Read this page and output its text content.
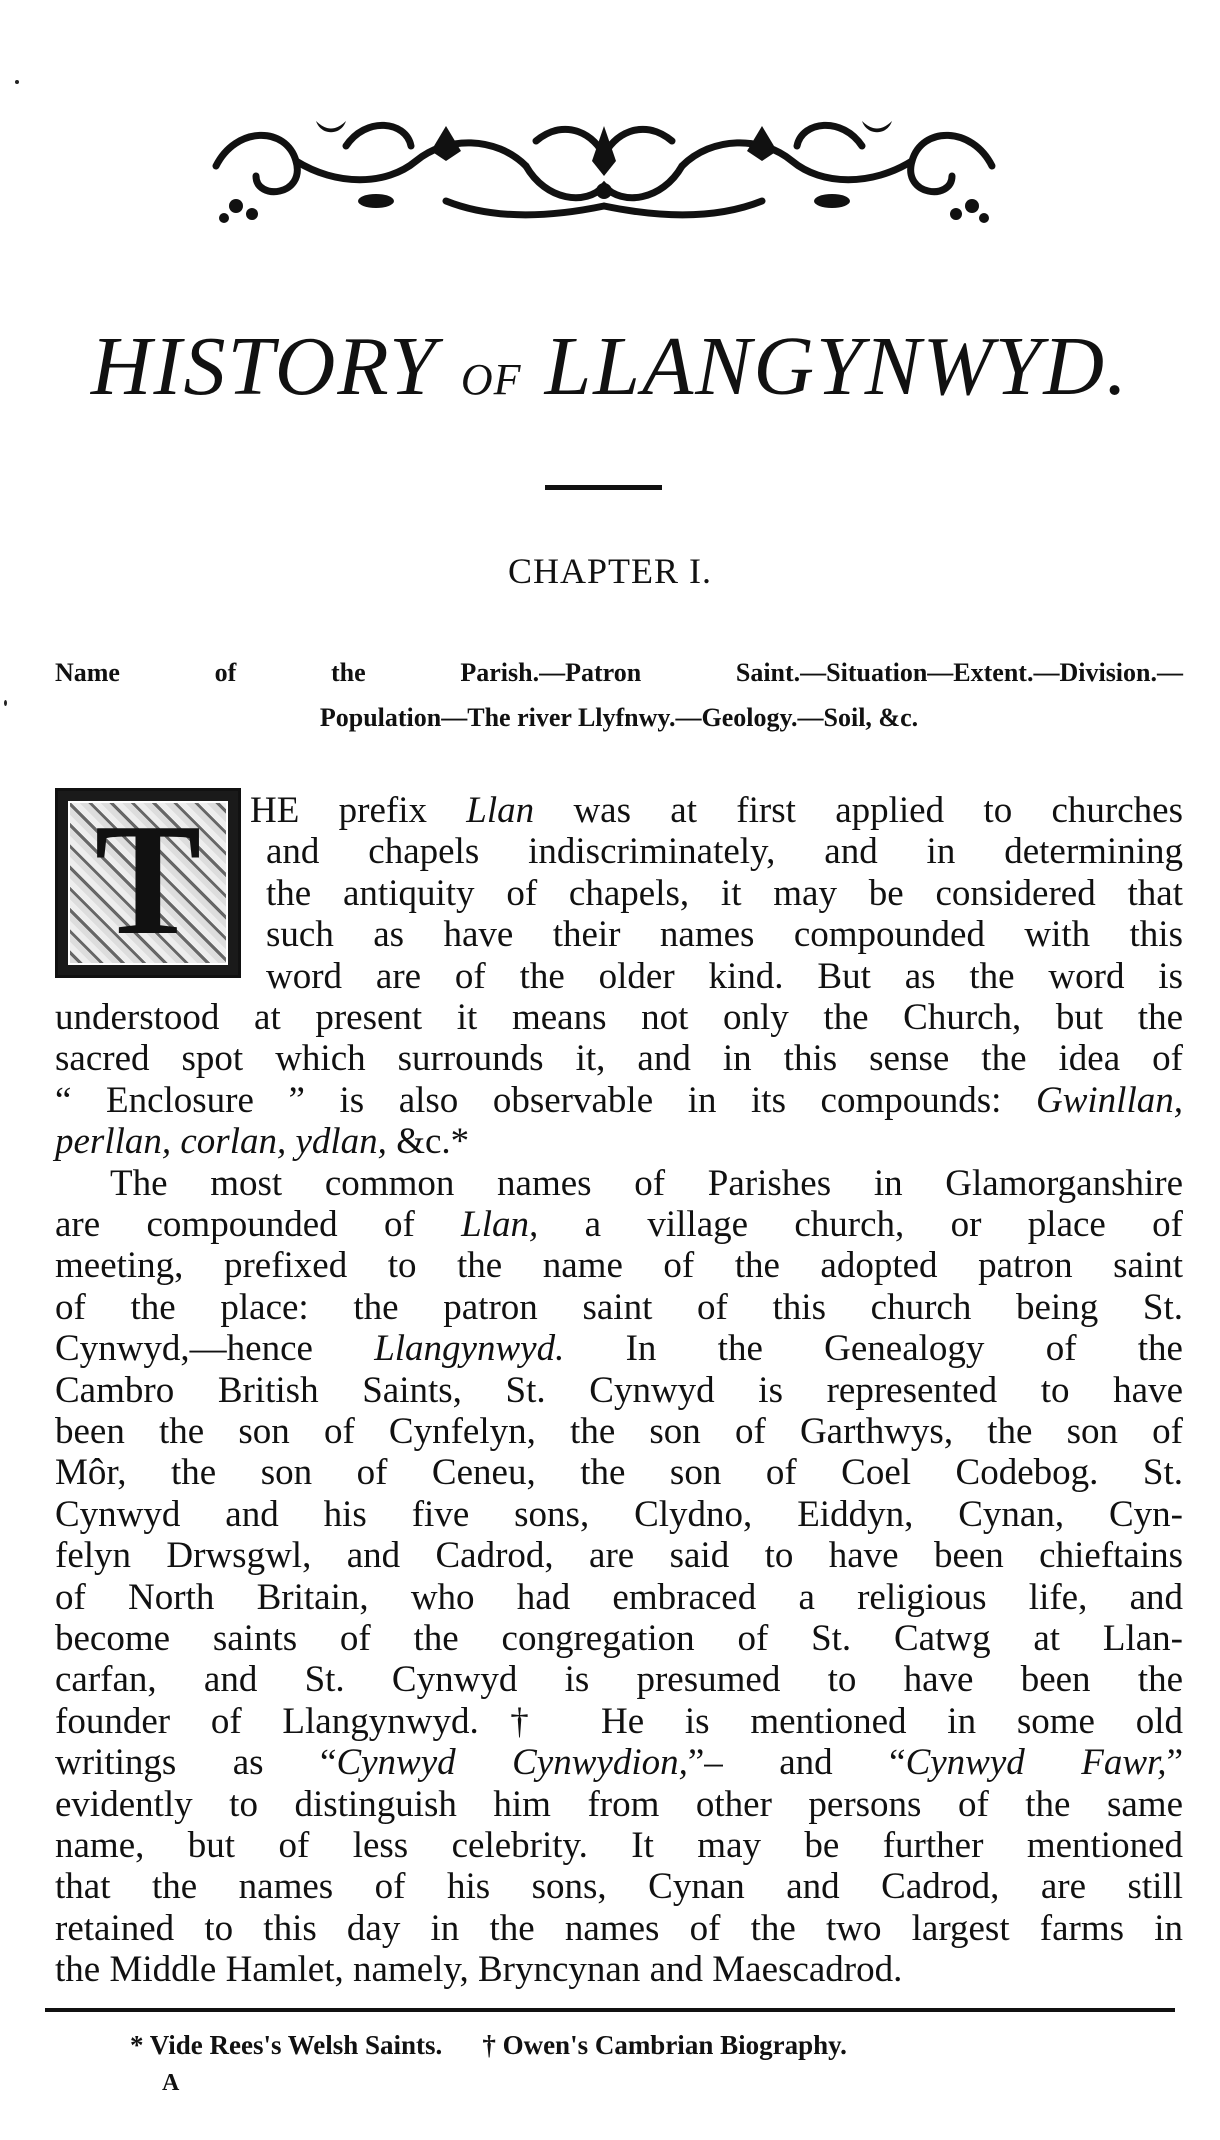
HISTORY OF LLANGYNWYD.
CHAPTER I.
Name of the Parish.—Patron Saint.—Situation—Extent.—Division.—
Population—The river Llyfnwy.—Geology.—Soil, &c.
T	HE prefix Llan was at first applied to churches
and chapels indiscriminately, and in determining
the antiquity of chapels, it may be considered that
such as have their names compounded with this
word are of the older kind. But as the word is
understood at present it means not only the Church, but the
sacred spot which surrounds it, and in this sense the idea of
“ Enclosure ” is also observable in its compounds: Gwinllan,
perllan, corlan, ydlan, &c.*
The most common names of Parishes in Glamorganshire
are compounded of Llan, a village church, or place of
meeting, prefixed to the name of the adopted patron saint
of the place: the patron saint of this church being St.
Cynwyd,—hence Llangynwyd. In the Genealogy of the
Cambro British Saints, St. Cynwyd is represented to have
been the son of Cynfelyn, the son of Garthwys, the son of
Môr, the son of Ceneu, the son of Coel Codebog. St.
Cynwyd and his five sons, Clydno, Eiddyn, Cynan, Cyn-
felyn Drwsgwl, and Cadrod, are said to have been chieftains
of North Britain, who had embraced a religious life, and
become saints of the congregation of St. Catwg at Llan-
carfan, and St. Cynwyd is presumed to have been the
founder of Llangynwyd.† He is mentioned in some old
writings as “Cynwyd Cynwydion,”– and “Cynwyd Fawr,”
evidently to distinguish him from other persons of the same
name, but of less celebrity. It may be further mentioned
that the names of his sons, Cynan and Cadrod, are still
retained to this day in the names of the two largest farms in
the Middle Hamlet, namely, Bryncynan and Maescadrod.
* Vide Rees's Welsh Saints. † Owen's Cambrian Biography.
A
